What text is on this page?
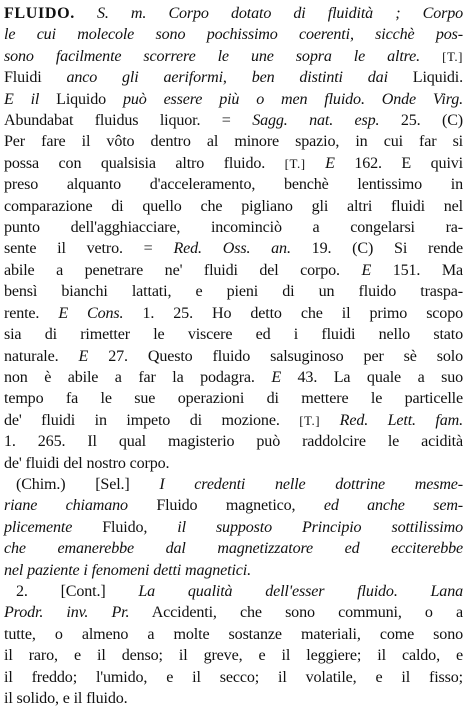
FLUIDO. S. m. Corpo dotato di fluidità ; Corpo
le cui molecole sono pochissimo coerenti, sicchè pos-
sono facilmente scorrere le une sopra le altre. [T.]
Fluidi anco gli aeriformi, ben distinti dai Liquidi.
E il Liquido può essere più o men fluido. Onde Virg.
Abundabat fluidus liquor. = Sagg. nat. esp. 25. (C)
Per fare il vôto dentro al minore spazio, in cui far si
possa con qualsisia altro fluido. [T.] E 162. E quivi
preso alquanto d'acceleramento, benchè lentissimo in
comparazione di quello che pigliano gli altri fluidi nel
punto dell'agghiacciare, incominciò a congelarsi ra-
sente il vetro. = Red. Oss. an. 19. (C) Si rende
abile a penetrare ne' fluidi del corpo. E 151. Ma
bensì bianchi lattati, e pieni di un fluido traspa-
rente. E Cons. 1. 25. Ho detto che il primo scopo
sia di rimetter le viscere ed i fluidi nello stato
naturale. E 27. Questo fluido salsuginoso per sè solo
non è abile a far la podagra. E 43. La quale a suo
tempo fa le sue operazioni di mettere le particelle
de' fluidi in impeto di mozione. [T.] Red. Lett. fam.
1. 265. Il qual magisterio può raddolcire le acidità
de' fluidi del nostro corpo.
(Chim.) [Sel.] I credenti nelle dottrine mesme-
riane chiamano Fluido magnetico, ed anche sem-
plicemente Fluido, il supposto Principio sottilissimo
che emanerebbe dal magnetizzatore ed ecciterebbe
nel paziente i fenomeni detti magnetici.
2. [Cont.] La qualità dell'esser fluido. Lana
Prodr. inv. Pr. Accidenti, che sono communi, o a
tutte, o almeno a molte sostanze materiali, come sono
il raro, e il denso; il greve, e il leggiere; il caldo, e
il freddo; l'umido, e il secco; il volatile, e il fisso;
il solido, e il fluido.
